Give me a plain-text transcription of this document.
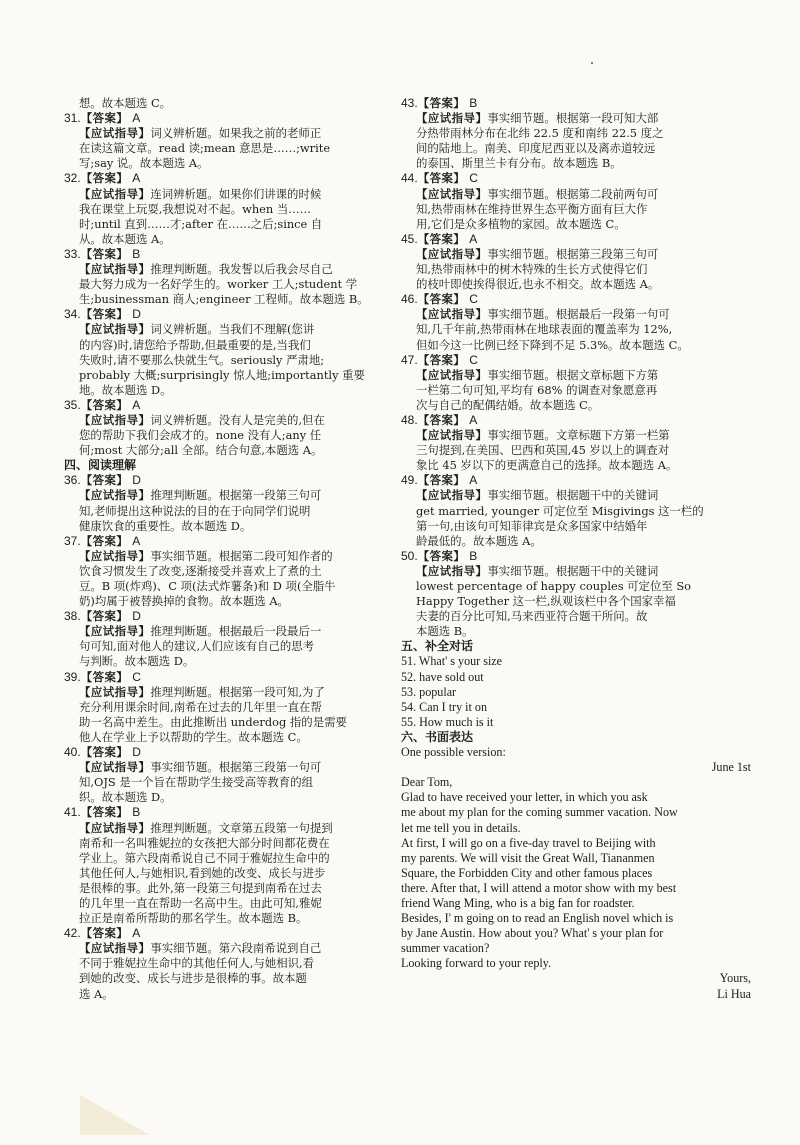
想。故本题选 C。
31.【答案】 A
【应试指导】词义辨析题。如果我之前的老师正
在读这篇文章。read 读;mean 意思是……;write
写;say 说。故本题选 A。
32.【答案】 A
【应试指导】连词辨析题。如果你们讲课的时候
我在课堂上玩耍,我想说对不起。when 当……
时;until 直到……才;after 在……之后;since 自
从。故本题选 A。
33.【答案】 B
【应试指导】推理判断题。我发誓以后我会尽自己
最大努力成为一名好学生的。worker 工人;student 学
生;businessman 商人;engineer 工程师。故本题选 B。
34.【答案】 D
【应试指导】词义辨析题。当我们不理解(您讲
的内容)时,请您给予帮助,但最重要的是,当我们
失败时,请不要那么快就生气。seriously 严肃地;
probably 大概;surprisingly 惊人地;importantly 重要
地。故本题选 D。
35.【答案】 A
【应试指导】词义辨析题。没有人是完美的,但在
您的帮助下我们会成才的。none 没有人;any 任
何;most 大部分;all 全部。结合句意,本题选 A。
四、阅读理解
36.【答案】 D
【应试指导】推理判断题。根据第一段第三句可
知,老师提出这种说法的目的在于向同学们说明
健康饮食的重要性。故本题选 D。
37.【答案】 A
【应试指导】事实细节题。根据第二段可知作者的
饮食习惯发生了改变,逐渐接受并喜欢上了煮的土
豆。B 项(炸鸡)、C 项(法式炸薯条)和 D 项(全脂牛
奶)均属于被替换掉的食物。故本题选 A。
38.【答案】 D
【应试指导】推理判断题。根据最后一段最后一
句可知,面对他人的建议,人们应该有自己的思考
与判断。故本题选 D。
39.【答案】 C
【应试指导】推理判断题。根据第一段可知,为了
充分利用课余时间,南希在过去的几年里一直在帮
助一名高中差生。由此推断出 underdog 指的是需要
他人在学业上予以帮助的学生。故本题选 C。
40.【答案】 D
【应试指导】事实细节题。根据第三段第一句可
知,OJS 是一个旨在帮助学生接受高等教育的组
织。故本题选 D。
41.【答案】 B
【应试指导】推理判断题。文章第五段第一句提到
南希和一名叫雅妮拉的女孩把大部分时间都花费在
学业上。第六段南希说自己不同于雅妮拉生命中的
其他任何人,与她相识,看到她的改变、成长与进步
是很棒的事。此外,第一段第三句提到南希在过去
的几年里一直在帮助一名高中生。由此可知,雅妮
拉正是南希所帮助的那名学生。故本题选 B。
42.【答案】 A
【应试指导】事实细节题。第六段南希说到自己
不同于雅妮拉生命中的其他任何人,与她相识,看
到她的改变、成长与进步是很棒的事。故本题
选 A。
43.【答案】 B
【应试指导】事实细节题。根据第一段可知大部
分热带雨林分布在北纬 22.5 度和南纬 22.5 度之
间的陆地上。南美、印度尼西亚以及离赤道较远
的泰国、斯里兰卡有分布。故本题选 B。
44.【答案】 C
【应试指导】事实细节题。根据第二段前两句可
知,热带雨林在维持世界生态平衡方面有巨大作
用,它们是众多植物的家园。故本题选 C。
45.【答案】 A
【应试指导】事实细节题。根据第三段第三句可
知,热带雨林中的树木特殊的生长方式使得它们
的枝叶即使挨得很近,也永不相交。故本题选 A。
46.【答案】 C
【应试指导】事实细节题。根据最后一段第一句可
知,几千年前,热带雨林在地球表面的覆盖率为 12%,
但如今这一比例已经下降到不足 5.3%。故本题选 C。
47.【答案】 C
【应试指导】事实细节题。根据文章标题下方第
一栏第二句可知,平均有 68% 的调查对象愿意再
次与自己的配偶结婚。故本题选 C。
48.【答案】 A
【应试指导】事实细节题。文章标题下方第一栏第
三句提到,在美国、巴西和英国,45 岁以上的调查对
象比 45 岁以下的更满意自己的选择。故本题选 A。
49.【答案】 A
【应试指导】事实细节题。根据题干中的关键词
get married, younger 可定位至 Misgivings 这一栏的
第一句,由该句可知菲律宾是众多国家中结婚年
龄最低的。故本题选 A。
50.【答案】 B
【应试指导】事实细节题。根据题干中的关键词
lowest percentage of happy couples 可定位至 So
Happy Together 这一栏,纵观该栏中各个国家幸福
夫妻的百分比可知,马来西亚符合题干所问。故
本题选 B。
五、补全对话
51. What' s your size
52. have sold out
53. popular
54. Can I try it on
55. How much is it
六、书面表达
One possible version:
June 1st
Dear Tom,
Glad to have received your letter, in which you ask
me about my plan for the coming summer vacation. Now
let me tell you in details.
At first, I will go on a five-day travel to Beijing with
my parents. We will visit the Great Wall, Tiananmen
Square, the Forbidden City and other famous places
there. After that, I will attend a motor show with my best
friend Wang Ming, who is a big fan for roadster.
Besides, I' m going on to read an English novel which is
by Jane Austin. How about you? What' s your plan for
summer vacation?
Looking forward to your reply.
Yours,
Li Hua
